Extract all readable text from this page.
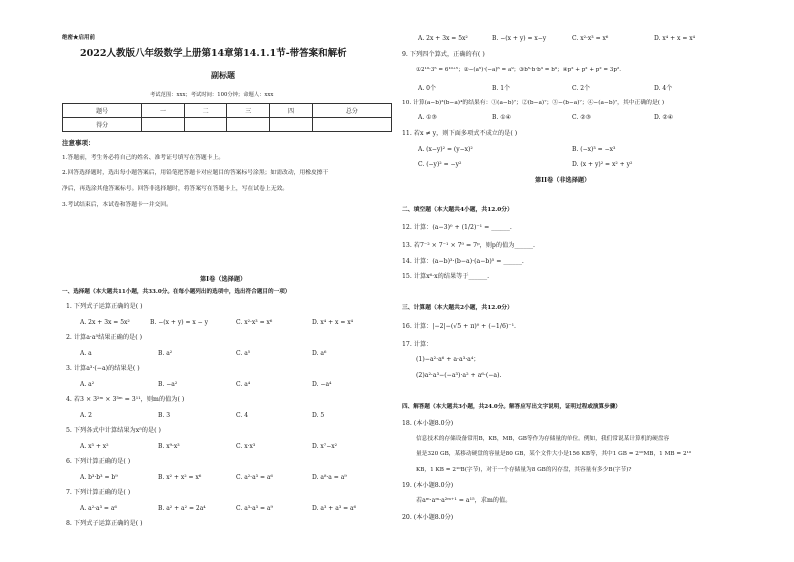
绝密★启用前
2022人教版八年级数学上册第14章第14.1.1节-带答案和解析
副标题
考试范围：xxx；考试时间：100分钟；命题人：xxx
题号	一	二	三	四	总分
得分					
注意事项：
1.答题前，考生务必将自己的姓名、准考证号填写在答题卡上。
2.回答选择题时，选出每小题答案后，用铅笔把答题卡对应题目的答案标号涂黑；如需改动，用橡皮擦干
净后，再选涂其他答案标号。回答非选择题时，将答案写在答题卡上，写在试卷上无效。
3.考试结束后，本试卷和答题卡一并交回。
第I卷（选择题）
一、选择题（本大题共11小题，共33.0分。在每小题列出的选项中，选出符合题目的一项）
1. 下列式子运算正确的是( )
A. 2x + 3x = 5x²	B. −(x + y) = x − y	C. x²·x³ = x⁶	D. x⁴ + x = x⁴
2. 计算a·a⁵结果正确的是( )
A. a	B. a²	C. a⁵	D. a⁶
3. 计算a³·(−a)的结果是( )
A. a²	B. −a²	C. a⁴	D. −a⁴
4. 若3 × 3²ᵐ × 3³ᵐ = 3¹¹，则m的值为( )
A. 2	B. 3	C. 4	D. 5
5. 下列各式中计算结果为x⁵的是( )
A. x³ + x²	B. x⁹·x³	C. x·x³	D. x⁷−x²
6. 下列计算正确的是( )
A. b³·b³ = b⁹	B. x² + x² = x⁶	C. a²·a³ = a⁶	D. a⁸·a = a⁹
7. 下列计算正确的是( )
A. a²·a³ = a⁶	B. a² + a² = 2a⁴	C. a³·a³ = a⁹	D. a³ + a³ = a⁶
8. 下列式子运算正确的是( )
A. 2x + 3x = 5x²	B. −(x + y) = x−y	C. x²·x³ = x⁶	D. x⁴ + x = x⁴
9. 下列四个算式，正确的有( )
①2¹⁰·3⁵ = 6¹⁰⁺⁵；②−(a⁵)·(−a)⁶ = a⁹；③b⁵·b·b³ = b⁹；④p² + p² + p² = 3p².
A. 0个	B. 1个	C. 2个	D. 4个
10. 计算(a−b)³(b−a)⁴的结果有：①(a−b)⁷；②(b−a)⁷；③−(b−a)⁷；④−(a−b)⁷，其中正确的是( )
A. ①③	B. ①④	C. ②③	D. ②④
11. 若x ≠ y，则下面多项式不成立的是( )
A. (x−y)² = (y−x)²	B. (−x)³ = −x³
C. (−y)² = −y²	D. (x + y)² = x² + y²
第II卷（非选择题）
二、填空题（本大题共4小题，共12.0分）
12. 计算：(a−3)⁰ + (1/2)⁻¹ = ______.
13. 若7⁻² × 7⁻¹ × 7⁰ = 7ᵖ，则p的值为______.
14. 计算：(a−b)³·(b−a)·(a−b)⁵ = ______.
15. 计算x⁶·x的结果等于______.
三、计算题（本大题共2小题，共12.0分）
16. 计算：|−2|−(√5 + π)⁰ + (−1/6)⁻¹.
17. 计算：
(1)−a²·a⁶ + a·a³·a⁴；
(2)a²·a³−(−a³)·a² + a⁶·(−a).
四、解答题（本大题共3小题，共24.0分。解答应写出文字说明，证明过程或演算步骤）
18. (本小题8.0分)
信息技术的存储设备常用B，KB，MB，GB等作为存储量的单位。例如，我们常说某计算机的硬盘容
量是320 GB，某移动硬盘的容量是80 GB，某个文件大小是156 KB等，其中1 GB = 2¹⁰MB，1 MB = 2¹⁰
KB，1 KB = 2¹⁰B(字节)，对于一个存储量为8 GB的闪存盘，其容量有多少B(字节)?
19. (本小题8.0分)
若aᵐ·aᵐ·a²ᵐ⁺¹ = a¹⁵，求m的值。
20. (本小题8.0分)
